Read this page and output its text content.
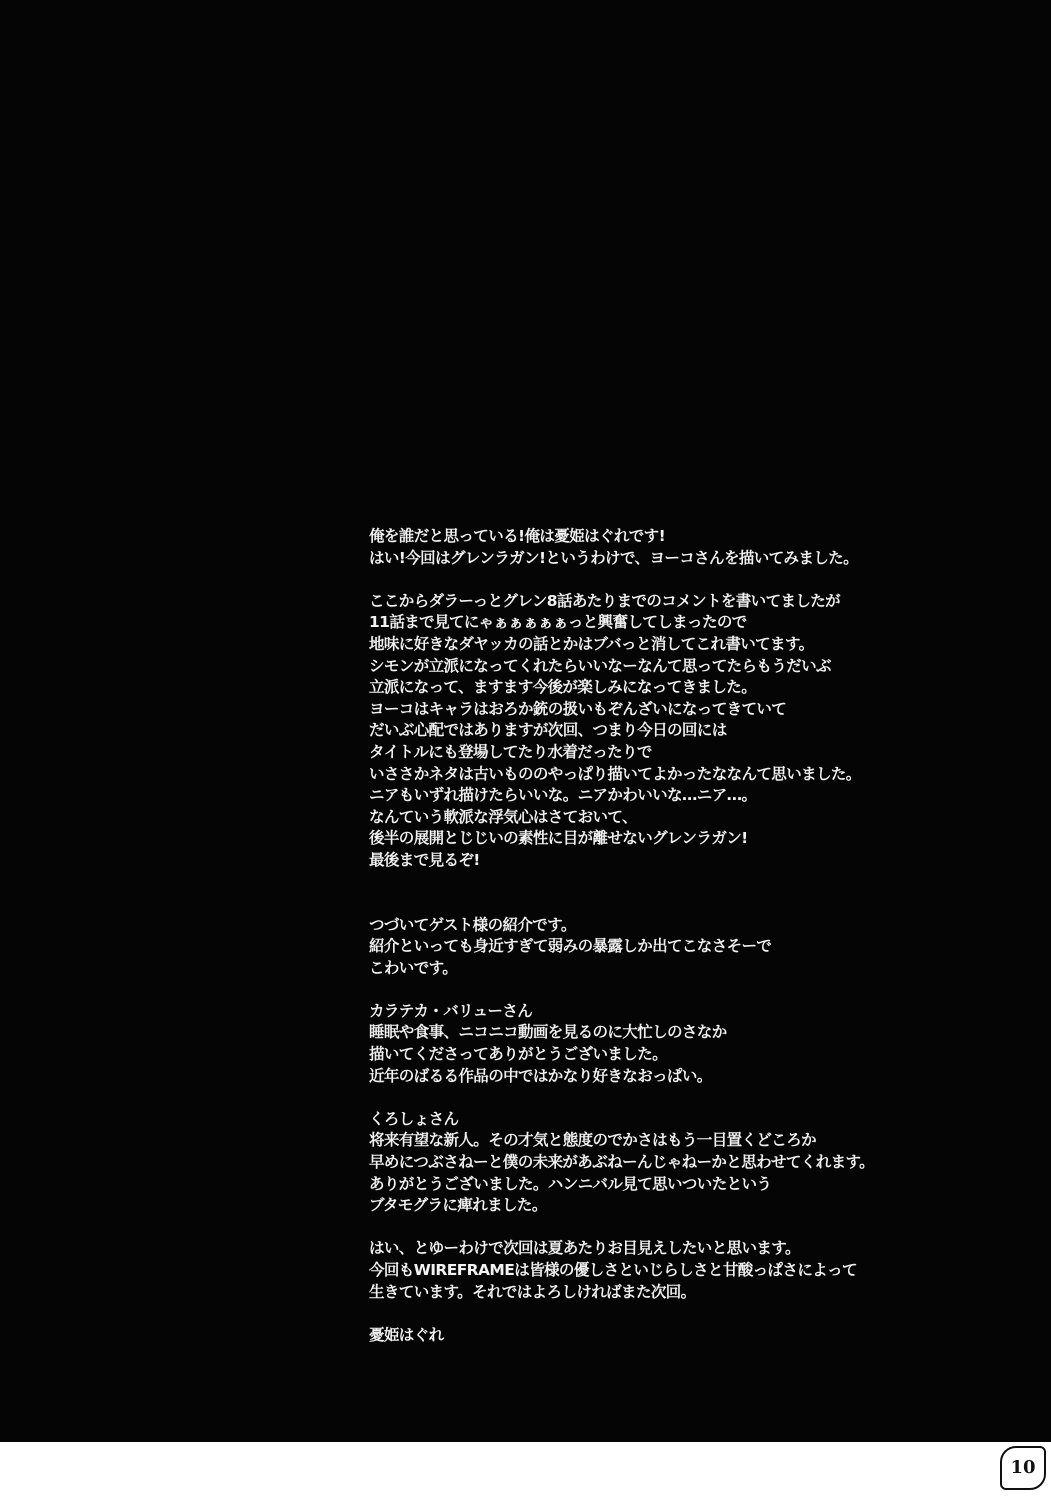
俺を誰だと思っている!俺は憂姫はぐれです!
はい!今回はグレンラガン!というわけで、ヨーコさんを描いてみました。
ここからダラーっとグレン8話あたりまでのコメントを書いてましたが
11話まで見てにゃぁぁぁぁぁっと興奮してしまったので
地味に好きなダヤッカの話とかはブバっと消してこれ書いてます。
シモンが立派になってくれたらいいなーなんて思ってたらもうだいぶ
立派になって、ますます今後が楽しみになってきました。
ヨーコはキャラはおろか銃の扱いもぞんざいになってきていて
だいぶ心配ではありますが次回、つまり今日の回には
タイトルにも登場してたり水着だったりで
いささかネタは古いもののやっぱり描いてよかったななんて思いました。
ニアもいずれ描けたらいいな。ニアかわいいな…ニア…。
なんていう軟派な浮気心はさておいて、
後半の展開とじじいの素性に目が離せないグレンラガン!
最後まで見るぞ!
つづいてゲスト様の紹介です。
紹介といっても身近すぎて弱みの暴露しか出てこなさそーで
こわいです。
カラテカ・バリューさん
睡眠や食事、ニコニコ動画を見るのに大忙しのさなか
描いてくださってありがとうございました。
近年のばるる作品の中ではかなり好きなおっぱい。
くろしょさん
将来有望な新人。その才気と態度のでかさはもう一目置くどころか
早めにつぶさねーと僕の未来があぶねーんじゃねーかと思わせてくれます。
ありがとうございました。ハンニバル見て思いついたという
ブタモグラに痺れました。
はい、とゆーわけで次回は夏あたりお目見えしたいと思います。
今回もWIREFRAMEは皆様の優しさといじらしさと甘酸っぱさによって
生きています。それではよろしければまた次回。
憂姫はぐれ
10
